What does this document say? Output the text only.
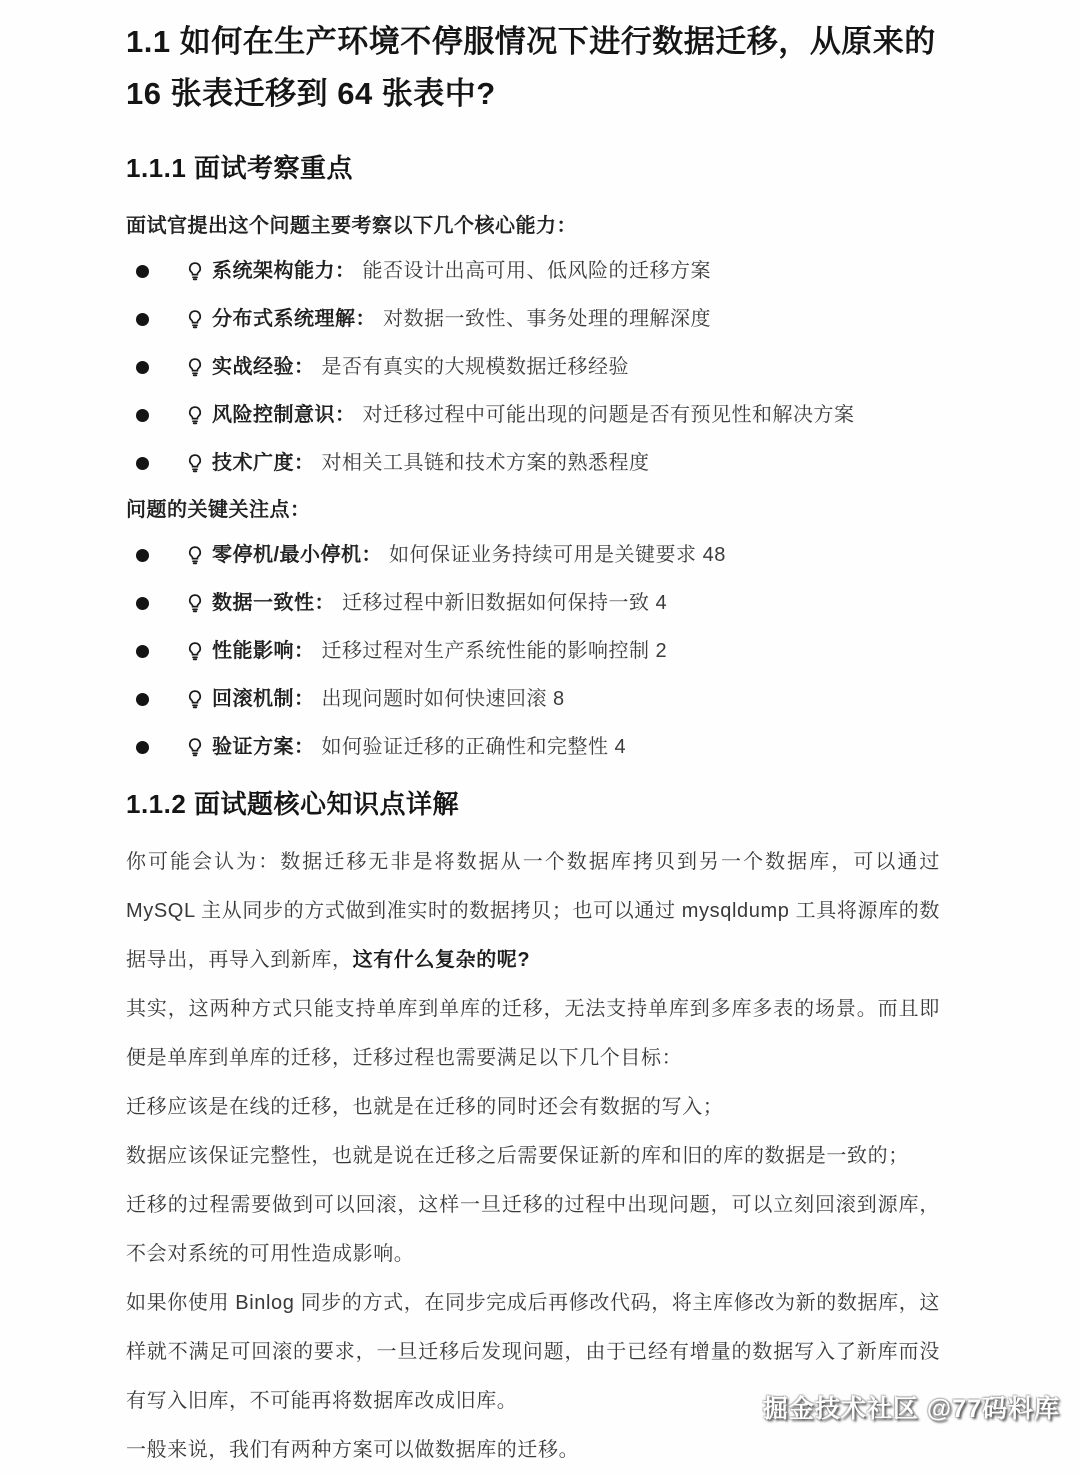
1.1 如何在生产环境不停服情况下进行数据迁移，从原来的 16 张表迁移到 64 张表中?
1.1.1 面试考察重点

面试官提出这个问题主要考察以下几个核心能力：

系统架构能力： 能否设计出高可用、低风险的迁移方案
分布式系统理解： 对数据一致性、事务处理的理解深度
实战经验： 是否有真实的大规模数据迁移经验
风险控制意识： 对迁移过程中可能出现的问题是否有预见性和解决方案
技术广度： 对相关工具链和技术方案的熟悉程度

问题的关键关注点：

零停机/最小停机： 如何保证业务持续可用是关键要求 48
数据一致性： 迁移过程中新旧数据如何保持一致 4
性能影响： 迁移过程对生产系统性能的影响控制 2
回滚机制： 出现问题时如何快速回滚 8
验证方案： 如何验证迁移的正确性和完整性 4
1.1.2 面试题核心知识点详解

你可能会认为：数据迁移无非是将数据从一个数据库拷贝到另一个数据库，可以通过 MySQL 主从同步的方式做到准实时的数据拷贝；也可以通过 mysqldump 工具将源库的数据导出，再导入到新库，这有什么复杂的呢?

其实，这两种方式只能支持单库到单库的迁移，无法支持单库到多库多表的场景。而且即便是单库到单库的迁移，迁移过程也需要满足以下几个目标：

迁移应该是在线的迁移，也就是在迁移的同时还会有数据的写入；

数据应该保证完整性，也就是说在迁移之后需要保证新的库和旧的库的数据是一致的；

迁移的过程需要做到可以回滚，这样一旦迁移的过程中出现问题，可以立刻回滚到源库，不会对系统的可用性造成影响。

如果你使用 Binlog 同步的方式，在同步完成后再修改代码，将主库修改为新的数据库，这样就不满足可回滚的要求，一旦迁移后发现问题，由于已经有增量的数据写入了新库而没有写入旧库，不可能再将数据库改成旧库。

一般来说，我们有两种方案可以做数据库的迁移。

掘金技术社区 @77码料库
